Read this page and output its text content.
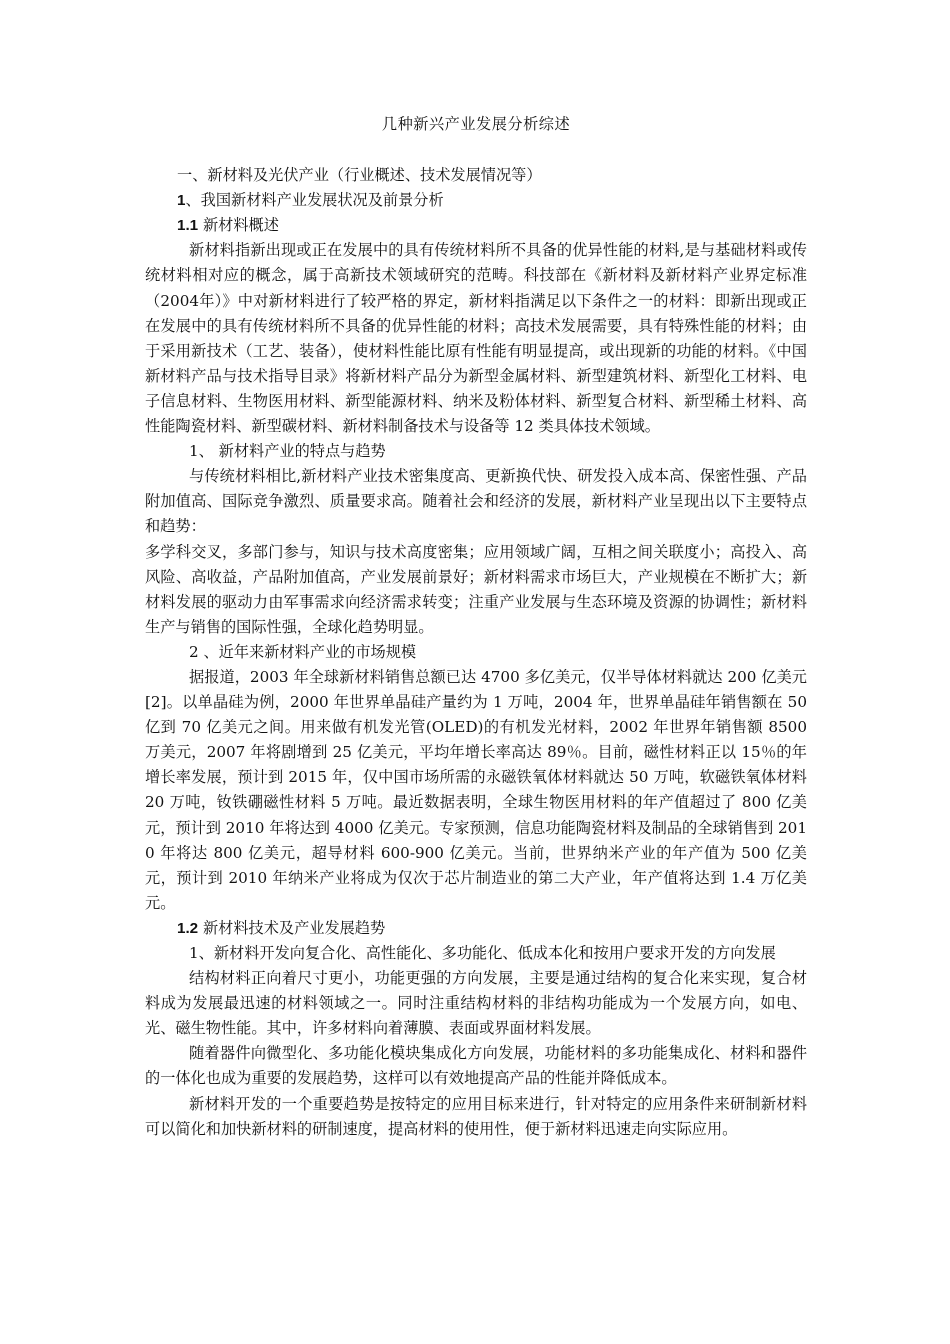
几种新兴产业发展分析综述
一、新材料及光伏产业（行业概述、技术发展情况等）
1、我国新材料产业发展状况及前景分析
1.1 新材料概述

新材料指新出现或正在发展中的具有传统材料所不具备的优异性能的材料,是与基础材料或传统材料相对应的概念，属于高新技术领域研究的范畴。科技部在《新材料及新材料产业界定标准（2004年）》中对新材料进行了较严格的界定，新材料指满足以下条件之一的材料：即新出现或正在发展中的具有传统材料所不具备的优异性能的材料；高技术发展需要，具有特殊性能的材料；由于采用新技术（工艺、装备），使材料性能比原有性能有明显提高，或出现新的功能的材料。《中国新材料产品与技术指导目录》将新材料产品分为新型金属材料、新型建筑材料、新型化工材料、电子信息材料、生物医用材料、新型能源材料、纳米及粉体材料、新型复合材料、新型稀土材料、高性能陶瓷材料、新型碳材料、新材料制备技术与设备等 12 类具体技术领域。

1、 新材料产业的特点与趋势

与传统材料相比,新材料产业技术密集度高、更新换代快、研发投入成本高、保密性强、产品附加值高、国际竞争激烈、质量要求高。随着社会和经济的发展，新材料产业呈现出以下主要特点和趋势：

多学科交叉，多部门参与，知识与技术高度密集；应用领域广阔，互相之间关联度小；高投入、高风险、高收益，产品附加值高，产业发展前景好；新材料需求市场巨大，产业规模在不断扩大；新材料发展的驱动力由军事需求向经济需求转变；注重产业发展与生态环境及资源的协调性；新材料生产与销售的国际性强，全球化趋势明显。

2 、近年来新材料产业的市场规模

据报道，2003 年全球新材料销售总额已达 4700 多亿美元，仅半导体材料就达 200 亿美元[2]。以单晶硅为例，2000 年世界单晶硅产量约为 1 万吨，2004 年，世界单晶硅年销售额在 50 亿到 70 亿美元之间。用来做有机发光管(OLED)的有机发光材料，2002 年世界年销售额 8500 万美元，2007 年将剧增到 25 亿美元，平均年增长率高达 89％。目前，磁性材料正以 15％的年增长率发展，预计到 2015 年，仅中国市场所需的永磁铁氧体材料就达 50 万吨，软磁铁氧体材料 20 万吨，钕铁硼磁性材料 5 万吨。最近数据表明，全球生物医用材料的年产值超过了 800 亿美元，预计到 2010 年将达到 4000 亿美元。专家预测，信息功能陶瓷材料及制品的全球销售到 2010 年将达 800 亿美元，超导材料 600-900 亿美元。当前，世界纳米产业的年产值为 500 亿美元，预计到 2010 年纳米产业将成为仅次于芯片制造业的第二大产业，年产值将达到 1.4 万亿美元。

1.2 新材料技术及产业发展趋势

1、新材料开发向复合化、高性能化、多功能化、低成本化和按用户要求开发的方向发展

结构材料正向着尺寸更小，功能更强的方向发展，主要是通过结构的复合化来实现，复合材料成为发展最迅速的材料领域之一。同时注重结构材料的非结构功能成为一个发展方向，如电、光、磁生物性能。其中，许多材料向着薄膜、表面或界面材料发展。

随着器件向微型化、多功能化模块集成化方向发展，功能材料的多功能集成化、材料和器件的一体化也成为重要的发展趋势，这样可以有效地提高产品的性能并降低成本。

新材料开发的一个重要趋势是按特定的应用目标来进行，针对特定的应用条件来研制新材料可以简化和加快新材料的研制速度，提高材料的使用性，便于新材料迅速走向实际应用。
